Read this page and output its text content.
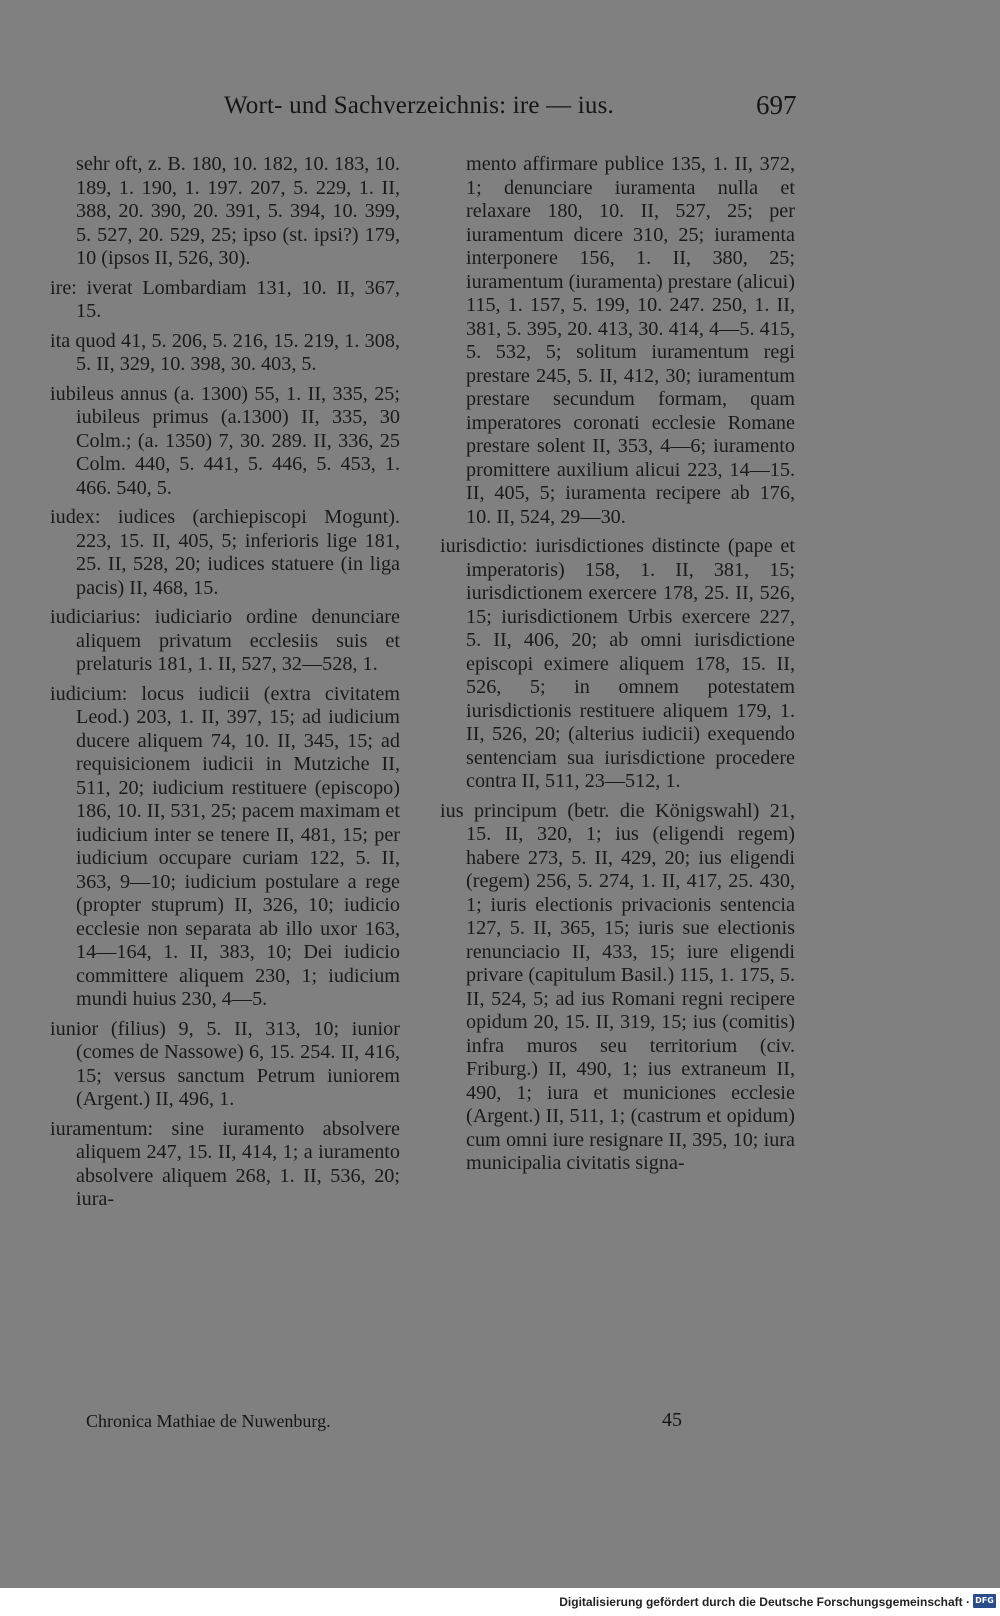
Wort- und Sachverzeichnis: ire — ius.	697

sehr oft, z. B. 180, 10. 182, 10. 183, 10. 189, 1. 190, 1. 197. 207, 5. 229, 1. II, 388, 20. 390, 20. 391, 5. 394, 10. 399, 5. 527, 20. 529, 25; ipso (st. ipsi?) 179, 10 (ipsos II, 526, 30).

ire: iverat Lombardiam 131, 10. II, 367, 15.

ita quod 41, 5. 206, 5. 216, 15. 219, 1. 308, 5. II, 329, 10. 398, 30. 403, 5.

iubileus annus (a. 1300) 55, 1. II, 335, 25; iubileus primus (a.1300) II, 335, 30 Colm.; (a. 1350) 7, 30. 289. II, 336, 25 Colm. 440, 5. 441, 5. 446, 5. 453, 1. 466. 540, 5.

iudex: iudices (archiepiscopi Mogunt). 223, 15. II, 405, 5; inferioris lige 181, 25. II, 528, 20; iudices statuere (in liga pacis) II, 468, 15.

iudiciarius: iudiciario ordine denunciare aliquem privatum ecclesiis suis et prelaturis 181, 1. II, 527, 32—528, 1.

iudicium: locus iudicii (extra civitatem Leod.) 203, 1. II, 397, 15; ad iudicium ducere aliquem 74, 10. II, 345, 15; ad requisicionem iudicii in Mutziche II, 511, 20; iudicium restituere (episcopo) 186, 10. II, 531, 25; pacem maximam et iudicium inter se tenere II, 481, 15; per iudicium occupare curiam 122, 5. II, 363, 9—10; iudicium postulare a rege (propter stuprum) II, 326, 10; iudicio ecclesie non separata ab illo uxor 163, 14—164, 1. II, 383, 10; Dei iudicio committere aliquem 230, 1; iudicium mundi huius 230, 4—5.

iunior (filius) 9, 5. II, 313, 10; iunior (comes de Nassowe) 6, 15. 254. II, 416, 15; versus sanctum Petrum iuniorem (Argent.) II, 496, 1.

iuramentum: sine iuramento absolvere aliquem 247, 15. II, 414, 1; a iuramento absolvere aliquem 268, 1. II, 536, 20; iura-

mento affirmare publice 135, 1. II, 372, 1; denunciare iuramenta nulla et relaxare 180, 10. II, 527, 25; per iuramentum dicere 310, 25; iuramenta interponere 156, 1. II, 380, 25; iuramentum (iuramenta) prestare (alicui) 115, 1. 157, 5. 199, 10. 247. 250, 1. II, 381, 5. 395, 20. 413, 30. 414, 4—5. 415, 5. 532, 5; solitum iuramentum regi prestare 245, 5. II, 412, 30; iuramentum prestare secundum formam, quam imperatores coronati ecclesie Romane prestare solent II, 353, 4—6; iuramento promittere auxilium alicui 223, 14—15. II, 405, 5; iuramenta recipere ab 176, 10. II, 524, 29—30.

iurisdictio: iurisdictiones distincte (pape et imperatoris) 158, 1. II, 381, 15; iurisdictionem exercere 178, 25. II, 526, 15; iurisdictionem Urbis exercere 227, 5. II, 406, 20; ab omni iurisdictione episcopi eximere aliquem 178, 15. II, 526, 5; in omnem potestatem iurisdictionis restituere aliquem 179, 1. II, 526, 20; (alterius iudicii) exequendo sentenciam sua iurisdictione procedere contra II, 511, 23—512, 1.

ius principum (betr. die Königswahl) 21, 15. II, 320, 1; ius (eligendi regem) habere 273, 5. II, 429, 20; ius eligendi (regem) 256, 5. 274, 1. II, 417, 25. 430, 1; iuris electionis privacionis sentencia 127, 5. II, 365, 15; iuris sue electionis renunciacio II, 433, 15; iure eligendi privare (capitulum Basil.) 115, 1. 175, 5. II, 524, 5; ad ius Romani regni recipere opidum 20, 15. II, 319, 15; ius (comitis) infra muros seu territorium (civ. Friburg.) II, 490, 1; ius extraneum II, 490, 1; iura et municiones ecclesie (Argent.) II, 511, 1; (castrum et opidum) cum omni iure resignare II, 395, 10; iura municipalia civitatis signa-

Chronica Mathiae de Nuwenburg.	45
Digitalisierung gefördert durch die Deutsche Forschungsgemeinschaft · DFG
